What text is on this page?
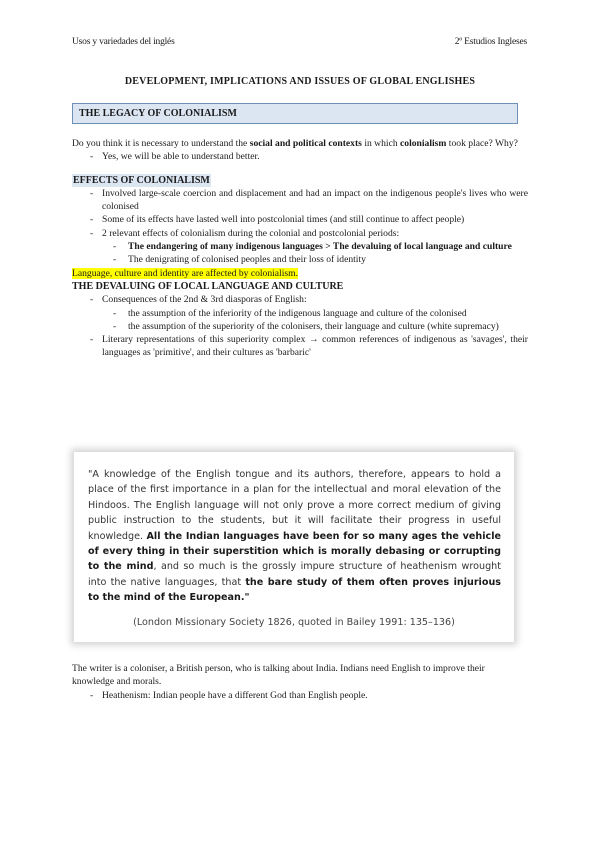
Usos y variedades del inglés	2º Estudios Ingleses
DEVELOPMENT, IMPLICATIONS AND ISSUES OF GLOBAL ENGLISHES
THE LEGACY OF COLONIALISM

Do you think it is necessary to understand the social and political contexts in which colonialism took place? Why?

- Yes, we will be able to understand better.
EFFECTS OF COLONIALISM
- Involved large-scale coercion and displacement and had an impact on the indigenous people's lives who were colonised
- Some of its effects have lasted well into postcolonial times (and still continue to affect people)
- 2 relevant effects of colonialism during the colonial and postcolonial periods:
- The endangering of many indigenous languages > The devaluing of local language and culture
- The denigrating of colonised peoples and their loss of identity

Language, culture and identity are affected by colonialism.

THE DEVALUING OF LOCAL LANGUAGE AND CULTURE

- Consequences of the 2nd & 3rd diasporas of English:
- the assumption of the inferiority of the indigenous language and culture of the colonised
- the assumption of the superiority of the colonisers, their language and culture (white supremacy)
- Literary representations of this superiority complex → common references of indigenous as 'savages', their languages as 'primitive', and their cultures as 'barbaric'
"A knowledge of the English tongue and its authors, therefore, appears to hold a place of the first importance in a plan for the intellectual and moral elevation of the Hindoos. The English language will not only prove a more correct medium of giving public instruction to the students, but it will facilitate their progress in useful knowledge. All the Indian languages have been for so many ages the vehicle of every thing in their superstition which is morally debasing or corrupting to the mind, and so much is the grossly impure structure of heathenism wrought into the native languages, that the bare study of them often proves injurious to the mind of the European."
(London Missionary Society 1826, quoted in Bailey 1991: 135–136)

The writer is a coloniser, a British person, who is talking about India. Indians need English to improve their knowledge and morals.

- Heathenism: Indian people have a different God than English people.
